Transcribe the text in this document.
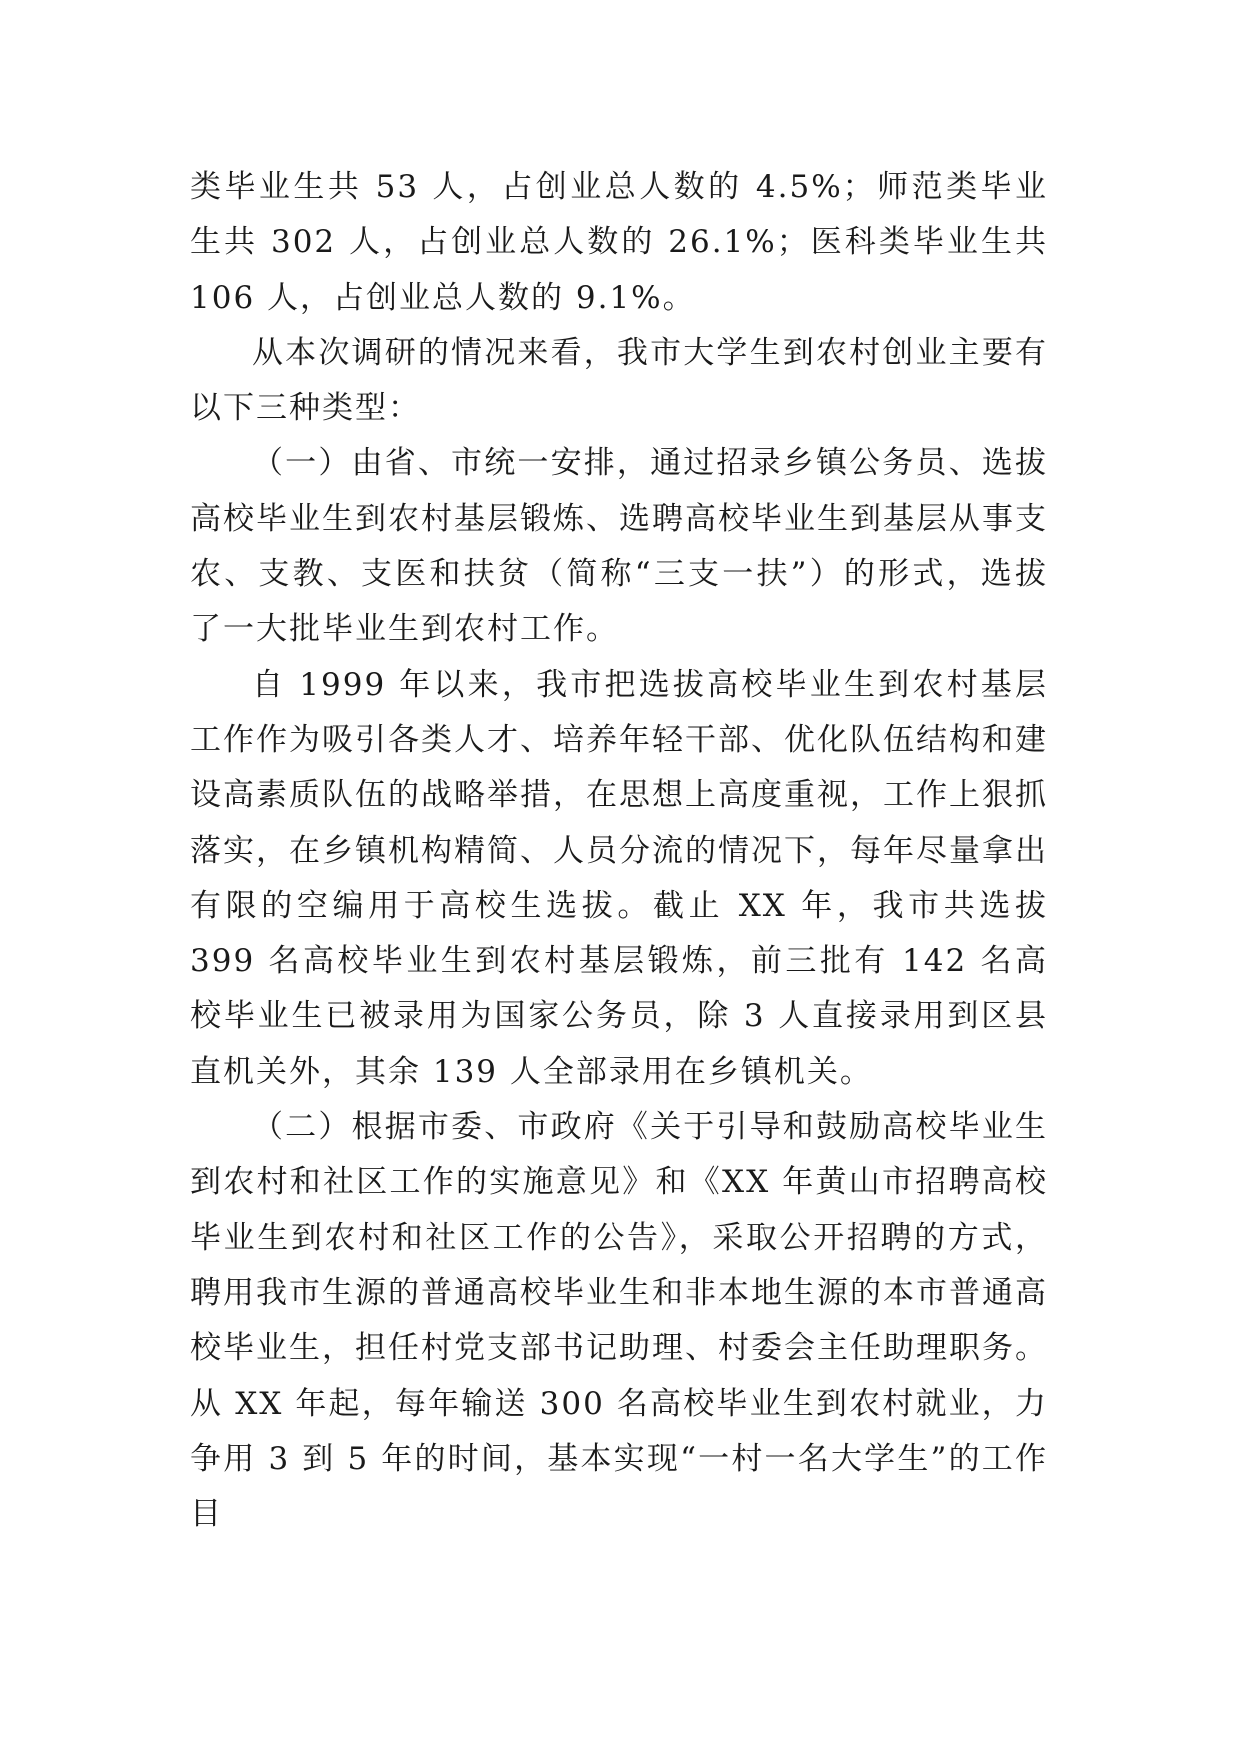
类毕业生共 53 人，占创业总人数的 4.5%；师范类毕业生共 302 人，占创业总人数的 26.1%；医科类毕业生共 106 人，占创业总人数的 9.1%。

从本次调研的情况来看，我市大学生到农村创业主要有以下三种类型：

（一）由省、市统一安排，通过招录乡镇公务员、选拔高校毕业生到农村基层锻炼、选聘高校毕业生到基层从事支农、支教、支医和扶贫（简称“三支一扶”）的形式，选拔了一大批毕业生到农村工作。

自 1999 年以来，我市把选拔高校毕业生到农村基层工作作为吸引各类人才、培养年轻干部、优化队伍结构和建设高素质队伍的战略举措，在思想上高度重视，工作上狠抓落实，在乡镇机构精简、人员分流的情况下，每年尽量拿出有限的空编用于高校生选拔。截止 XX 年，我市共选拔 399 名高校毕业生到农村基层锻炼，前三批有 142 名高校毕业生已被录用为国家公务员，除 3 人直接录用到区县直机关外，其余 139 人全部录用在乡镇机关。

（二）根据市委、市政府《关于引导和鼓励高校毕业生到农村和社区工作的实施意见》和《XX 年黄山市招聘高校毕业生到农村和社区工作的公告》，采取公开招聘的方式，聘用我市生源的普通高校毕业生和非本地生源的本市普通高校毕业生，担任村党支部书记助理、村委会主任助理职务。从 XX 年起，每年输送 300 名高校毕业生到农村就业，力争用 3 到 5 年的时间，基本实现“一村一名大学生”的工作目
